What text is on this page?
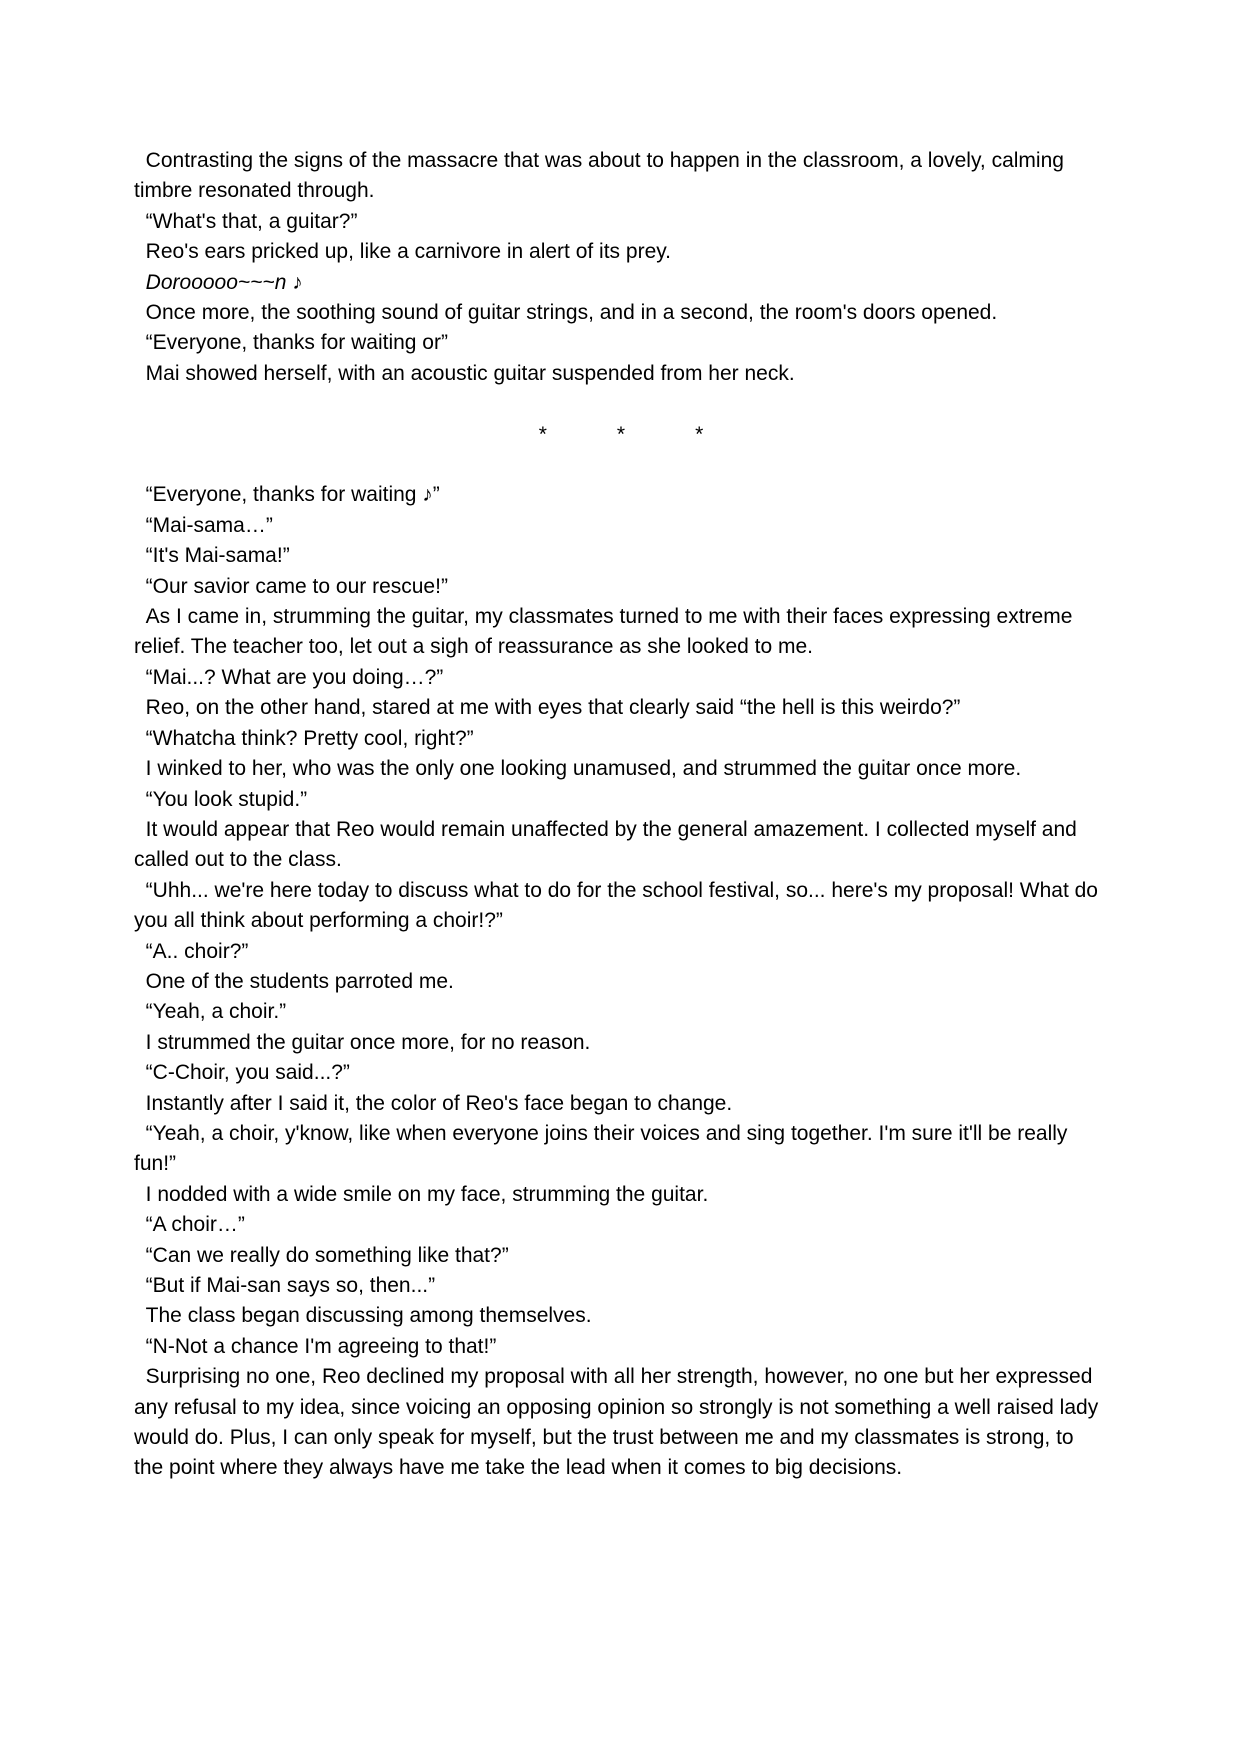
Contrasting the signs of the massacre that was about to happen in the classroom, a lovely, calming timbre resonated through.

“What's that, a guitar?”

Reo's ears pricked up, like a carnivore in alert of its prey.

Dorooooo~~~n ♪

Once more, the soothing sound of guitar strings, and in a second, the room's doors opened.

“Everyone, thanks for waiting or”

Mai showed herself, with an acoustic guitar suspended from her neck.

*            *            *

“Everyone, thanks for waiting ♪”

“Mai-sama…”

“It's Mai-sama!”

“Our savior came to our rescue!”

As I came in, strumming the guitar, my classmates turned to me with their faces expressing extreme relief. The teacher too, let out a sigh of reassurance as she looked to me.

“Mai...? What are you doing…?”

Reo, on the other hand, stared at me with eyes that clearly said “the hell is this weirdo?”

“Whatcha think? Pretty cool, right?”

I winked to her, who was the only one looking unamused, and strummed the guitar once more.

“You look stupid.”

It would appear that Reo would remain unaffected by the general amazement. I collected myself and called out to the class.

“Uhh... we're here today to discuss what to do for the school festival, so... here's my proposal! What do you all think about performing a choir!?”

“A.. choir?”

One of the students parroted me.

“Yeah, a choir.”

I strummed the guitar once more, for no reason.

“C-Choir, you said...?”

Instantly after I said it, the color of Reo's face began to change.

“Yeah, a choir, y'know, like when everyone joins their voices and sing together. I'm sure it'll be really fun!”

I nodded with a wide smile on my face, strumming the guitar.

“A choir…”

“Can we really do something like that?”

“But if Mai-san says so, then...”

The class began discussing among themselves.

“N-Not a chance I'm agreeing to that!”

Surprising no one, Reo declined my proposal with all her strength, however, no one but her expressed any refusal to my idea, since voicing an opposing opinion so strongly is not something a well raised lady would do. Plus, I can only speak for myself, but the trust between me and my classmates is strong, to the point where they always have me take the lead when it comes to big decisions.
